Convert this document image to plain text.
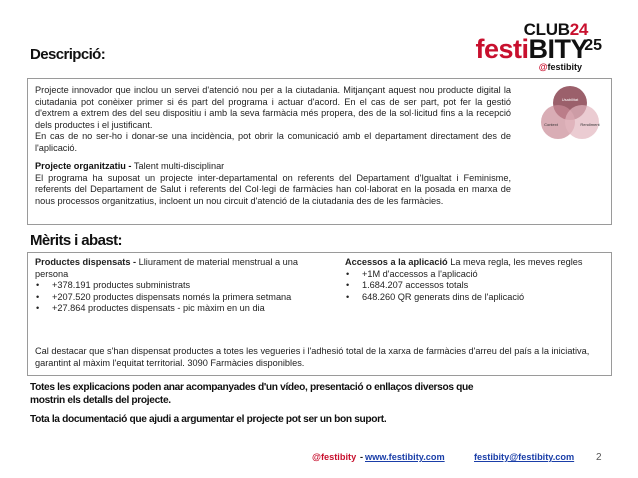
Descripció:
CLUB24
festiBITY
25
@festibity
Projecte innovador que inclou un servei d'atenció nou per a la ciutadania. Mitjançant aquest nou producte digital la ciutadania pot conèixer primer si és part del programa i actuar d'acord. En el cas de ser part, pot fer la gestió d'extrem a extrem des del seu dispositiu i amb la seva farmàcia més propera, des de la sol·licitud fins a la recepció dels productes i el justificant.
En cas de no ser-ho i donar-se una incidència, pot obrir la comunicació amb el departament directament des de l'aplicació.
Projecte organitzatiu - Talent multi-disciplinar
El programa ha suposat un projecte inter-departamental on referents del Departament d'Igualtat i Feminisme, referents del Departament de Salut i referents del Col·legi de farmàcies han col·laborat en la posada en marxa de nous processos organitzatius, incloent un nou circuit d'atenció de la ciutadania des de les farmàcies.
Usabilitat
Context	Rendiment
Mèrits i abast:
Productes dispensats - Lliurament de material menstrual a una persona
• +378.191 productes subministrats
• +207.520 productes dispensats només la primera setmana
• +27.864 productes dispensats - pic màxim en un dia
Accessos a la aplicació La meva regla, les meves regles
• +1M d'accessos a l'aplicació
• 1.684.207 accessos totals
• 648.260 QR generats dins de l'aplicació
Cal destacar que s'han dispensat productes a totes les vegueries i l'adhesió total de la xarxa de farmàcies d'arreu del país a la iniciativa, garantint al màxim l'equitat territorial. 3090 Farmàcies disponibles.
Totes les explicacions poden anar acompanyades d'un vídeo, presentació o enllaços diversos que mostrin els detalls del projecte.
Tota la documentació que ajudi a argumentar el projecte pot ser un bon suport.
@festibity - www.festibity.com	festibity@festibity.com 2
